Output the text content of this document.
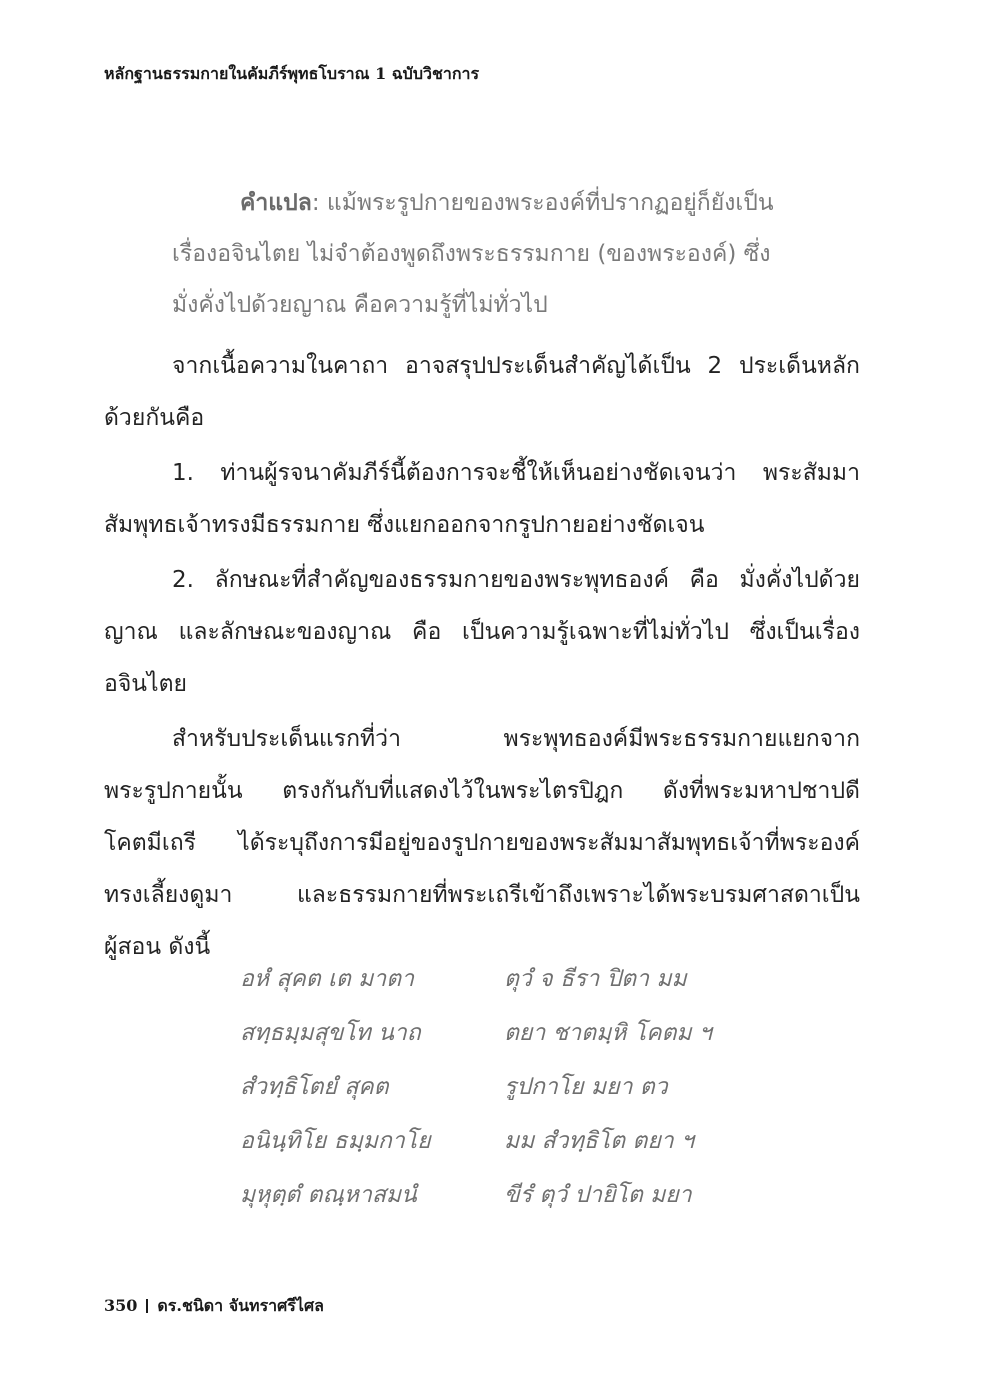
หลักฐานธรรมกายในคัมภีร์พุทธโบราณ 1 ฉบับวิชาการ
คำแปล: แม้พระรูปกายของพระองค์ที่ปรากฏอยู่ก็ยังเป็น
เรื่องอจินไตย ไม่จำต้องพูดถึงพระธรรมกาย (ของพระองค์) ซึ่ง
มั่งคั่งไปด้วยญาณ คือความรู้ที่ไม่ทั่วไป
จากเนื้อความในคาถา อาจสรุปประเด็นสำคัญได้เป็น 2 ประเด็นหลัก
ด้วยกันคือ
1. ท่านผู้รจนาคัมภีร์นี้ต้องการจะชี้ให้เห็นอย่างชัดเจนว่า พระสัมมา
สัมพุทธเจ้าทรงมีธรรมกาย ซึ่งแยกออกจากรูปกายอย่างชัดเจน
2. ลักษณะที่สำคัญของธรรมกายของพระพุทธองค์ คือ มั่งคั่งไปด้วย
ญาณ และลักษณะของญาณ คือ เป็นความรู้เฉพาะที่ไม่ทั่วไป ซึ่งเป็นเรื่อง
อจินไตย
สำหรับประเด็นแรกที่ว่า พระพุทธองค์มีพระธรรมกายแยกจาก
พระรูปกายนั้น ตรงกันกับที่แสดงไว้ในพระไตรปิฎก ดังที่พระมหาปชาปดี
โคตมีเถรี ได้ระบุถึงการมีอยู่ของรูปกายของพระสัมมาสัมพุทธเจ้าที่พระองค์
ทรงเลี้ยงดูมา และธรรมกายที่พระเถรีเข้าถึงเพราะได้พระบรมศาสดาเป็น
ผู้สอน ดังนี้
อหํ สุคต เต มาตา	ตุวํ จ ธีรา ปิตา มม
สทฺธมฺมสุขโท นาถ	ตยา ชาตมฺหิ โคตม ฯ
สํวทฺธิโตยํ สุคต	รูปกาโย มยา ตว
อนินฺทิโย ธมฺมกาโย	มม สํวทฺธิโต ตยา ฯ
มุหุตฺตํ ตณฺหาสมนํ	ขีรํ ตุวํ ปายิโต มยา
350 ดร.ชนิดา จันทราศรีไศล
